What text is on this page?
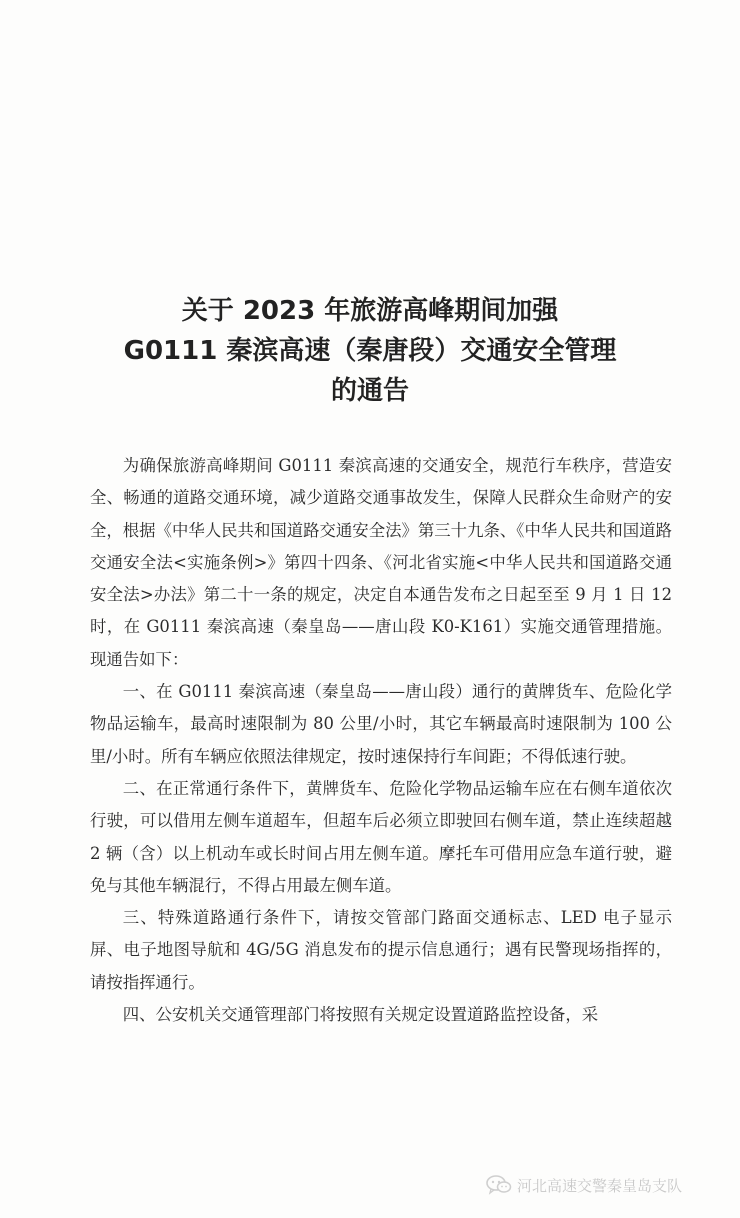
关于 2023 年旅游高峰期间加强
G0111 秦滨高速（秦唐段）交通安全管理
的通告

为确保旅游高峰期间 G0111 秦滨高速的交通安全，规范行车秩序，营造安全、畅通的道路交通环境，减少道路交通事故发生，保障人民群众生命财产的安全，根据《中华人民共和国道路交通安全法》第三十九条、《中华人民共和国道路交通安全法<实施条例>》第四十四条、《河北省实施<中华人民共和国道路交通安全法>办法》第二十一条的规定，决定自本通告发布之日起至至 9 月 1 日 12 时，在 G0111 秦滨高速（秦皇岛——唐山段 K0-K161）实施交通管理措施。现通告如下：

一、在 G0111 秦滨高速（秦皇岛——唐山段）通行的黄牌货车、危险化学物品运输车，最高时速限制为 80 公里/小时，其它车辆最高时速限制为 100 公里/小时。所有车辆应依照法律规定，按时速保持行车间距；不得低速行驶。

二、在正常通行条件下，黄牌货车、危险化学物品运输车应在右侧车道依次行驶，可以借用左侧车道超车，但超车后必须立即驶回右侧车道，禁止连续超越 2 辆（含）以上机动车或长时间占用左侧车道。摩托车可借用应急车道行驶，避免与其他车辆混行，不得占用最左侧车道。

三、特殊道路通行条件下，请按交管部门路面交通标志、LED 电子显示屏、电子地图导航和 4G/5G 消息发布的提示信息通行；遇有民警现场指挥的，请按指挥通行。

四、公安机关交通管理部门将按照有关规定设置道路监控设备，采

河北高速交警秦皇岛支队
